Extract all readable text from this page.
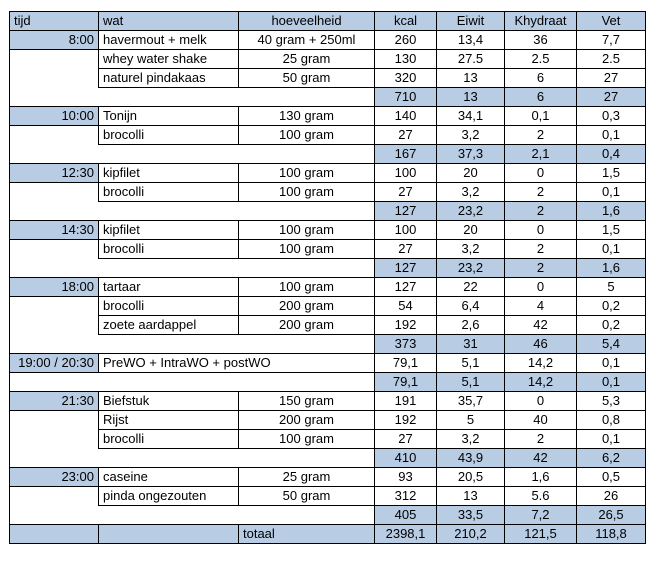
tijd	wat	hoeveelheid	kcal	Eiwit	Khydraat	Vet
8:00	havermout + melk	40 gram + 250ml	260	13,4	36	7,7
	whey water shake	25 gram	130	27.5	2.5	2.5
	naturel pindakaas	50 gram	320	13	6	27
			710	13	6	27
10:00	Tonijn	130 gram	140	34,1	0,1	0,3
	brocolli	100 gram	27	3,2	2	0,1
			167	37,3	2,1	0,4
12:30	kipfilet	100 gram	100	20	0	1,5
	brocolli	100 gram	27	3,2	2	0,1
			127	23,2	2	1,6
14:30	kipfilet	100 gram	100	20	0	1,5
	brocolli	100 gram	27	3,2	2	0,1
			127	23,2	2	1,6
18:00	tartaar	100 gram	127	22	0	5
	brocolli	200 gram	54	6,4	4	0,2
	zoete aardappel	200 gram	192	2,6	42	0,2
			373	31	46	5,4
19:00 / 20:30	PreWO + IntraWO + postWO		79,1	5,1	14,2	0,1
			79,1	5,1	14,2	0,1
21:30	Biefstuk	150 gram	191	35,7	0	5,3
	Rijst	200 gram	192	5	40	0,8
	brocolli	100 gram	27	3,2	2	0,1
			410	43,9	42	6,2
23:00	caseine	25 gram	93	20,5	1,6	0,5
	pinda ongezouten	50 gram	312	13	5.6	26
			405	33,5	7,2	26,5
		totaal	2398,1	210,2	121,5	118,8
